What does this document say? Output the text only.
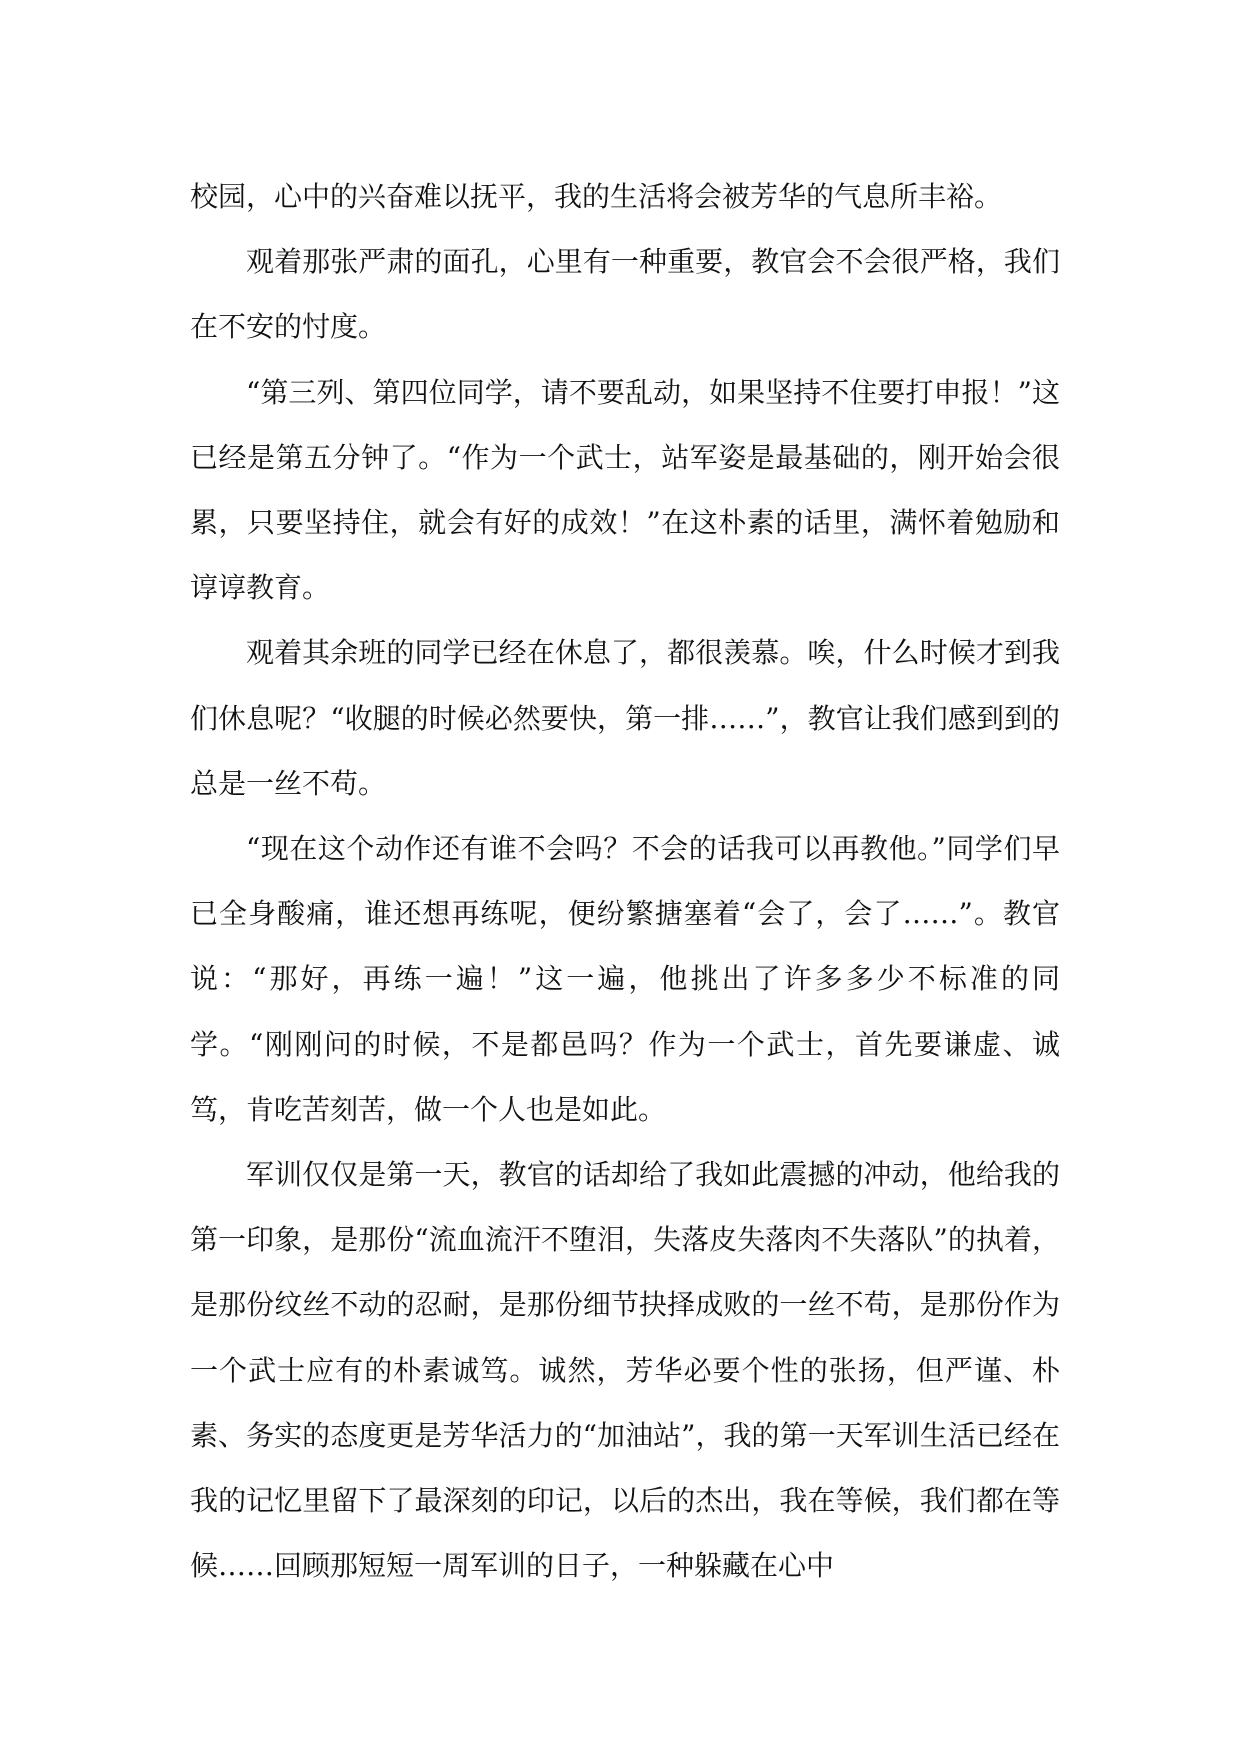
校园，心中的兴奋难以抚平，我的生活将会被芳华的气息所丰裕。

观着那张严肃的面孔，心里有一种重要，教官会不会很严格，我们在不安的忖度。

“第三列、第四位同学，请不要乱动，如果坚持不住要打申报！”这已经是第五分钟了。“作为一个武士，站军姿是最基础的，刚开始会很累，只要坚持住，就会有好的成效！”在这朴素的话里，满怀着勉励和谆谆教育。

观着其余班的同学已经在休息了，都很羡慕。唉，什么时候才到我们休息呢？“收腿的时候必然要快，第一排……”，教官让我们感到到的总是一丝不苟。

“现在这个动作还有谁不会吗？不会的话我可以再教他。”同学们早已全身酸痛，谁还想再练呢，便纷繁搪塞着“会了，会了……”。教官说：“那好，再练一遍！”这一遍，他挑出了许多多少不标准的同学。“刚刚问的时候，不是都邑吗？作为一个武士，首先要谦虚、诚笃，肯吃苦刻苦，做一个人也是如此。

军训仅仅是第一天，教官的话却给了我如此震撼的冲动，他给我的第一印象，是那份“流血流汗不堕泪，失落皮失落肉不失落队”的执着，是那份纹丝不动的忍耐，是那份细节抉择成败的一丝不苟，是那份作为一个武士应有的朴素诚笃。诚然，芳华必要个性的张扬，但严谨、朴素、务实的态度更是芳华活力的“加油站”，我的第一天军训生活已经在我的记忆里留下了最深刻的印记，以后的杰出，我在等候，我们都在等候……回顾那短短一周军训的日子，一种躲藏在心中
